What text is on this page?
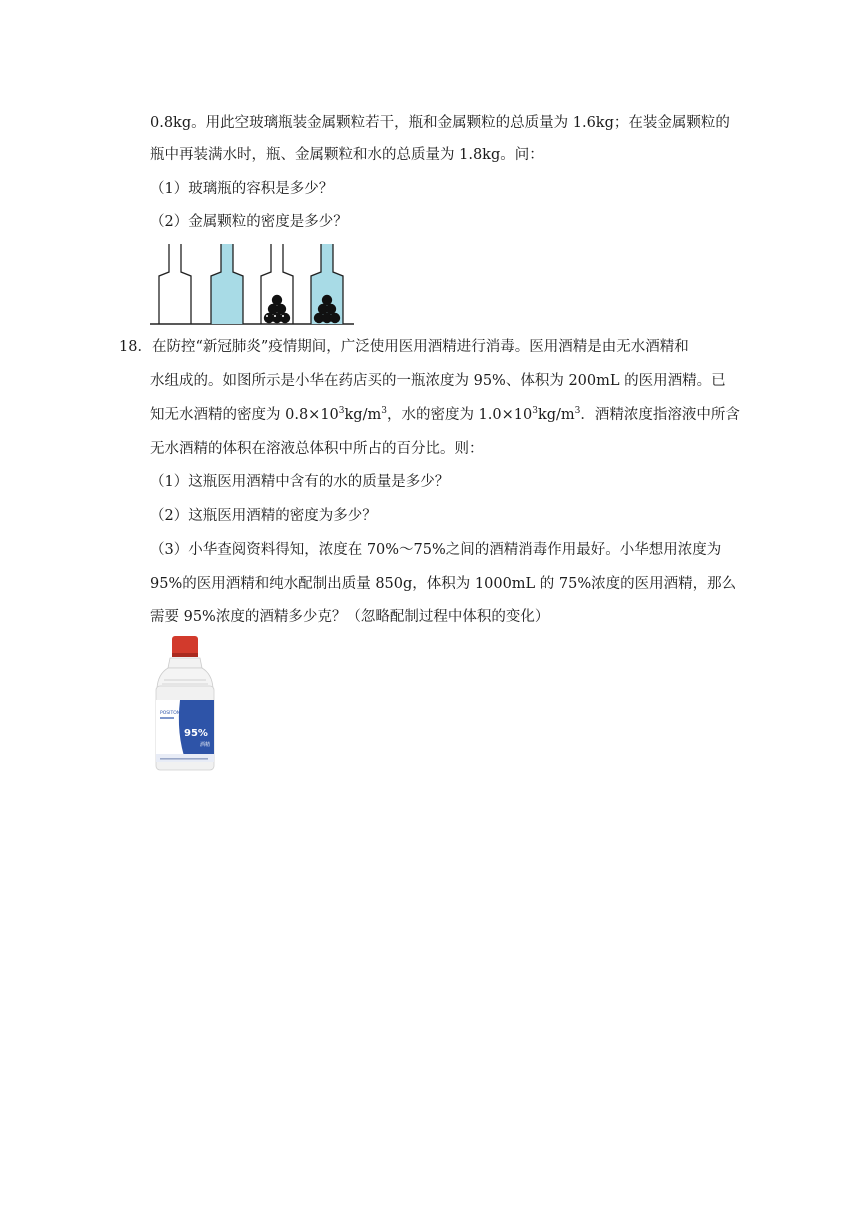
0.8kg。用此空玻璃瓶装金属颗粒若干，瓶和金属颗粒的总质量为 1.6kg；在装金属颗粒的
瓶中再装满水时，瓶、金属颗粒和水的总质量为 1.8kg。问：
（1）玻璃瓶的容积是多少？
（2）金属颗粒的密度是多少？
18．在防控“新冠肺炎”疫情期间，广泛使用医用酒精进行消毒。医用酒精是由无水酒精和
水组成的。如图所示是小华在药店买的一瓶浓度为 95%、体积为 200mL 的医用酒精。已
知无水酒精的密度为 $0.8\times 10^3kg/m^3$，水的密度为 $1.0\times 10^3kg/m^3$．酒精浓度指溶液中所含
无水酒精的体积在溶液总体积中所占的百分比。则：
（1）这瓶医用酒精中含有的水的质量是多少？
（2）这瓶医用酒精的密度为多少？
（3）小华查阅资料得知，浓度在 70%～75%之间的酒精消毒作用最好。小华想用浓度为
95%的医用酒精和纯水配制出质量 850g，体积为 1000mL 的 75%浓度的医用酒精，那么
需要 95%浓度的酒精多少克？（忽略配制过程中体积的变化）
POSITON
95%
酒精
